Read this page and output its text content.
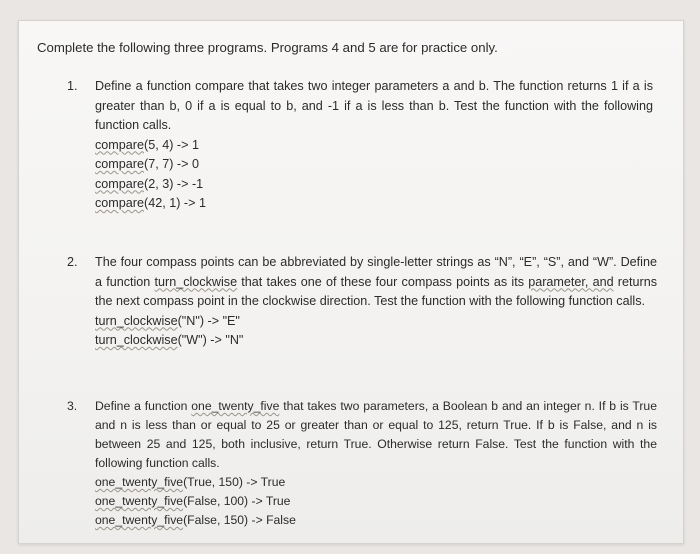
Complete the following three programs. Programs 4 and 5 are for practice only.
1. Define a function compare that takes two integer parameters a and b. The function returns 1 if a is greater than b, 0 if a is equal to b, and -1 if a is less than b. Test the function with the following function calls.
compare(5, 4) -> 1
compare(7, 7) -> 0
compare(2, 3) -> -1
compare(42, 1) -> 1
2. The four compass points can be abbreviated by single-letter strings as “N”, “E”, “S”, and “W”. Define a function turn_clockwise that takes one of these four compass points as its parameter, and returns the next compass point in the clockwise direction. Test the function with the following function calls.
turn_clockwise("N") -> "E"
turn_clockwise("W") -> "N"
3. Define a function one_twenty_five that takes two parameters, a Boolean b and an integer n. If b is True and n is less than or equal to 25 or greater than or equal to 125, return True. If b is False, and n is between 25 and 125, both inclusive, return True. Otherwise return False. Test the function with the following function calls.
one_twenty_five(True, 150) -> True
one_twenty_five(False, 100) -> True
one_twenty_five(False, 150) -> False
